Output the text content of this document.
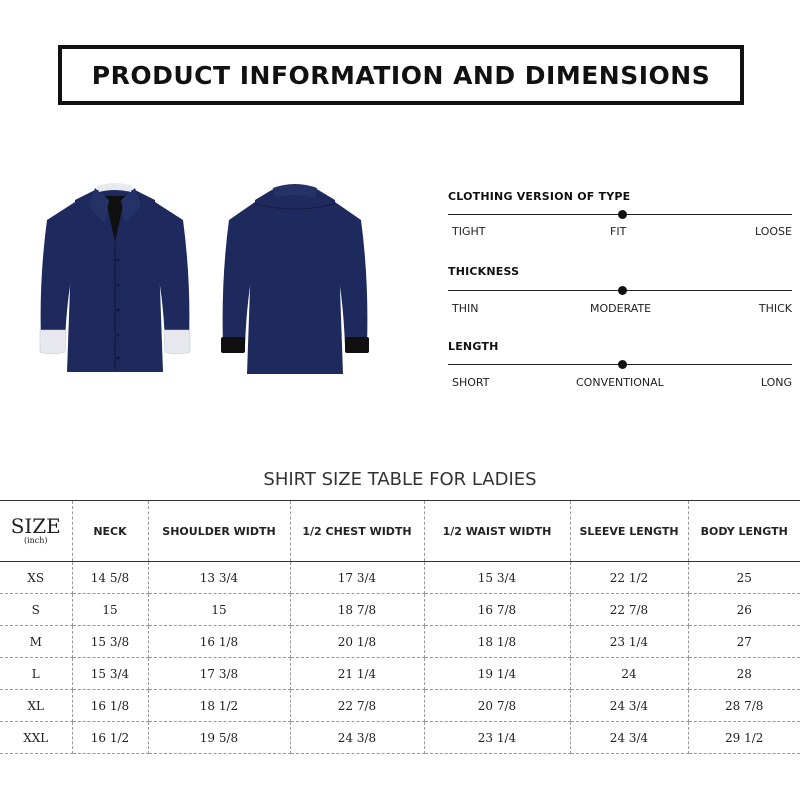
PRODUCT INFORMATION AND DIMENSIONS
CLOTHING VERSION OF TYPE
TIGHT	FIT	LOOSE
THICKNESS
THIN	MODERATE	THICK
LENGTH
SHORT	CONVENTIONAL	LONG
SHIRT SIZE TABLE FOR LADIES
SIZE
(inch)	NECK	SHOULDER WIDTH	1/2 CHEST WIDTH	1/2 WAIST WIDTH	SLEEVE LENGTH	BODY LENGTH
XS	14 5/8	13 3/4	17 3/4	15 3/4	22 1/2	25
S	15	15	18 7/8	16 7/8	22 7/8	26
M	15 3/8	16 1/8	20 1/8	18 1/8	23 1/4	27
L	15 3/4	17 3/8	21 1/4	19 1/4	24	28
XL	16 1/8	18 1/2	22 7/8	20 7/8	24 3/4	28 7/8
XXL	16 1/2	19 5/8	24 3/8	23 1/4	24 3/4	29 1/2
